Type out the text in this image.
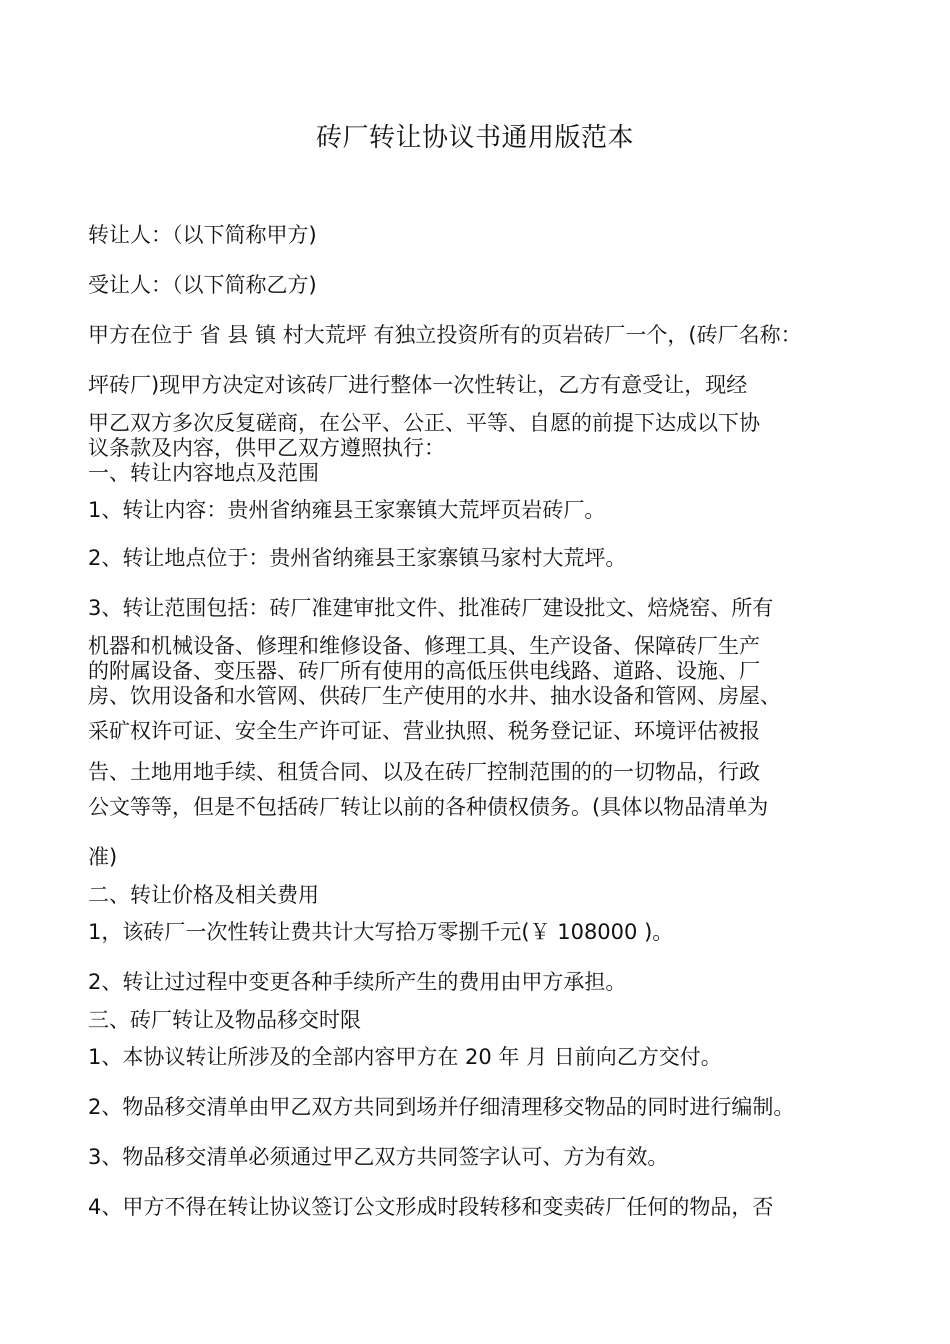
砖厂转让协议书通用版范本
转让人：（以下简称甲方)
受让人：（以下简称乙方)
甲方在位于 省 县 镇 村大荒坪 有独立投资所有的页岩砖厂一个，(砖厂名称：
坪砖厂)现甲方决定对该砖厂进行整体一次性转让，乙方有意受让，现经
甲乙双方多次反复磋商，在公平、公正、平等、自愿的前提下达成以下协
议条款及内容，供甲乙双方遵照执行：
一、转让内容地点及范围
1、转让内容：贵州省纳雍县王家寨镇大荒坪页岩砖厂。
2、转让地点位于：贵州省纳雍县王家寨镇马家村大荒坪。
3、转让范围包括：砖厂准建审批文件、批准砖厂建设批文、焙烧窑、所有
机器和机械设备、修理和维修设备、修理工具、生产设备、保障砖厂生产
的附属设备、变压器、砖厂所有使用的高低压供电线路、道路、设施、厂
房、饮用设备和水管网、供砖厂生产使用的水井、抽水设备和管网、房屋、
采矿权许可证、安全生产许可证、营业执照、税务登记证、环境评估被报
告、土地用地手续、租赁合同、以及在砖厂控制范围的的一切物品，行政
公文等等，但是不包括砖厂转让以前的各种债权债务。(具体以物品清单为
准)
二、转让价格及相关费用
1，该砖厂一次性转让费共计大写拾万零捌千元(￥ 108000 )。
2、转让过过程中变更各种手续所产生的费用由甲方承担。
三、砖厂转让及物品移交时限
1、本协议转让所涉及的全部内容甲方在 20 年 月 日前向乙方交付。
2、物品移交清单由甲乙双方共同到场并仔细清理移交物品的同时进行编制。
3、物品移交清单必须通过甲乙双方共同签字认可、方为有效。
4、甲方不得在转让协议签订公文形成时段转移和变卖砖厂任何的物品，否
